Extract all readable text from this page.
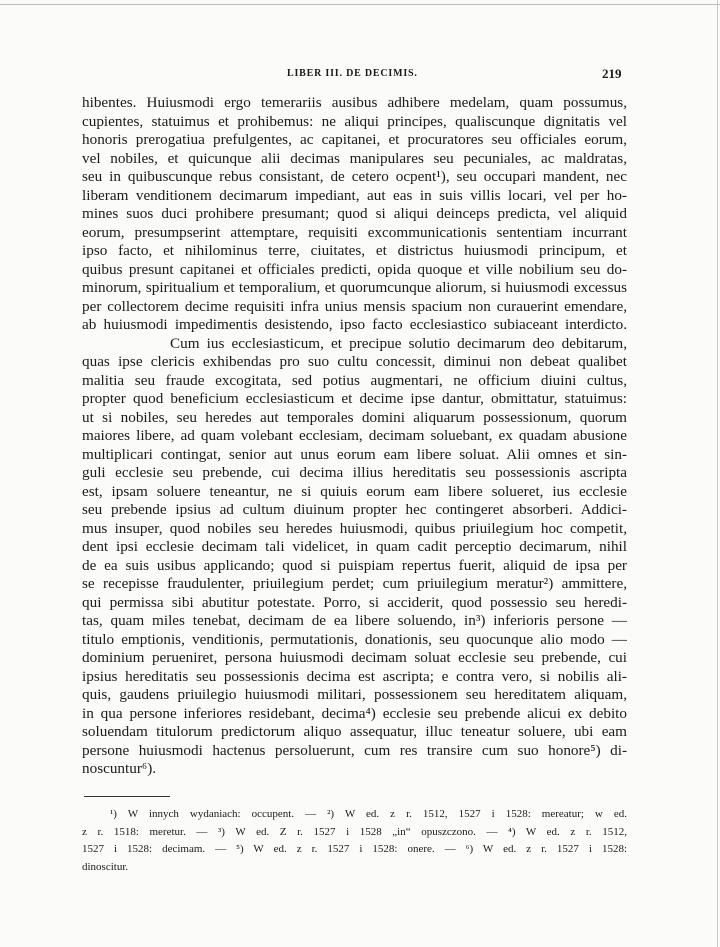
LIBER III. DE DECIMIS.	219
hibentes. Huiusmodi ergo temerariis ausibus adhibere medelam, quam possumus,
cupientes, statuimus et prohibemus: ne aliqui principes, qualiscunque dignitatis vel
honoris prerogatiua prefulgentes, ac capitanei, et procuratores seu officiales eorum,
vel nobiles, et quicunque alii decimas manipulares seu pecuniales, ac maldratas,
seu in quibuscunque rebus consistant, de cetero ocpent¹), seu occupari mandent, nec
liberam venditionem decimarum impediant, aut eas in suis villis locari, vel per ho-
mines suos duci prohibere presumant; quod si aliqui deinceps predicta, vel aliquid
eorum, presumpserint attemptare, requisiti excommunicationis sententiam incurrant
ipso facto, et nihilominus terre, ciuitates, et districtus huiusmodi principum, et
quibus presunt capitanei et officiales predicti, opida quoque et ville nobilium seu do-
minorum, spiritualium et temporalium, et quorumcunque aliorum, si huiusmodi excessus
per collectorem decime requisiti infra unius mensis spacium non curauerint emendare,
ab huiusmodi impedimentis desistendo, ipso facto ecclesiastico subiaceant interdicto.
Cum ius ecclesiasticum, et precipue solutio decimarum deo debitarum,
quas ipse clericis exhibendas pro suo cultu concessit, diminui non debeat qualibet
malitia seu fraude excogitata, sed potius augmentari, ne officium diuini cultus,
propter quod beneficium ecclesiasticum et decime ipse dantur, obmittatur, statuimus:
ut si nobiles, seu heredes aut temporales domini aliquarum possessionum, quorum
maiores libere, ad quam volebant ecclesiam, decimam soluebant, ex quadam abusione
multiplicari contingat, senior aut unus eorum eam libere soluat. Alii omnes et sin-
guli ecclesie seu prebende, cui decima illius hereditatis seu possessionis ascripta
est, ipsam soluere teneantur, ne si quiuis eorum eam libere solueret, ius ecclesie
seu prebende ipsius ad cultum diuinum propter hec contingeret absorberi. Addici-
mus insuper, quod nobiles seu heredes huiusmodi, quibus priuilegium hoc competit,
dent ipsi ecclesie decimam tali videlicet, in quam cadit perceptio decimarum, nihil
de ea suis usibus applicando; quod si puispiam repertus fuerit, aliquid de ipsa per
se recepisse fraudulenter, priuilegium perdet; cum priuilegium meratur²) ammittere,
qui permissa sibi abutitur potestate. Porro, si acciderit, quod possessio seu heredi-
tas, quam miles tenebat, decimam de ea libere soluendo, in³) inferioris persone —
titulo emptionis, venditionis, permutationis, donationis, seu quocunque alio modo —
dominium perueniret, persona huiusmodi decimam soluat ecclesie seu prebende, cui
ipsius hereditatis seu possessionis decima est ascripta; e contra vero, si nobilis ali-
quis, gaudens priuilegio huiusmodi militari, possessionem seu hereditatem aliquam,
in qua persone inferiores residebant, decima⁴) ecclesie seu prebende alicui ex debito
soluendam titulorum predictorum aliquo assequatur, illuc teneatur soluere, ubi eam
persone huiusmodi hactenus persoluerunt, cum res transire cum suo honore⁵) di-
noscuntur⁶).
¹) W innych wydaniach: occupent. — ²) W ed. z r. 1512, 1527 i 1528: mereatur; w ed.
z r. 1518: meretur. — ³) W ed. Z r. 1527 i 1528 „in“ opuszczono. — ⁴) W ed. z r. 1512,
1527 i 1528: decimam. — ⁵) W ed. z r. 1527 i 1528: onere. — ⁶) W ed. z r. 1527 i 1528:
dinoscitur.
